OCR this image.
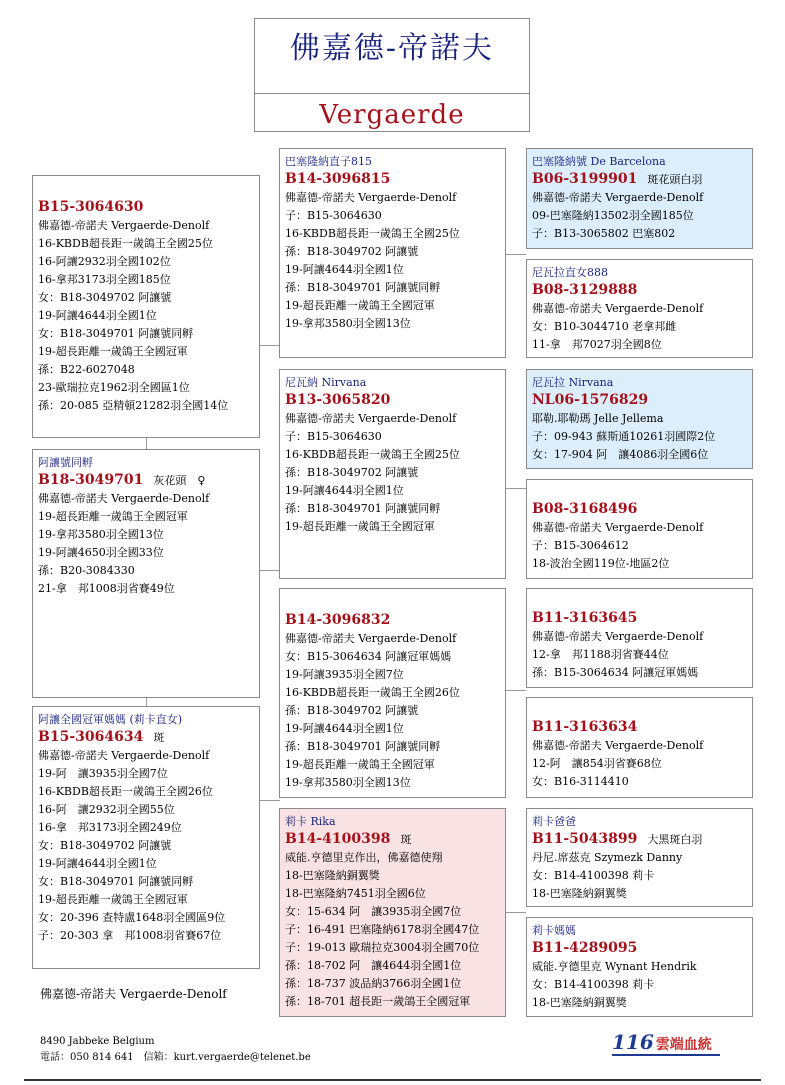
佛嘉德-帝諾夫
Vergaerde
B15-3064630
佛嘉德-帝諾夫 Vergaerde-Denolf
16-KBDB超長距一歲鴿王全國25位
16-阿讓2932羽全國102位
16-拿邦3173羽全國185位
女：B18-3049702 阿讓號
19-阿讓4644羽全國1位
女：B18-3049701 阿讓號同孵
19-超長距離一歲鴿王全國冠軍
孫：B22-6027048
23-歐瑞拉克1962羽全國區1位
孫：20-085 亞精頓21282羽全國14位
阿讓號同孵
B18-3049701 灰花頭　♀
佛嘉德-帝諾夫 Vergaerde-Denolf
19-超長距離一歲鴿王全國冠軍
19-拿邦3580羽全國13位
19-阿讓4650羽全國33位
孫：B20-3084330
21-拿　邦1008羽省賽49位
阿讓全國冠軍媽媽 (莉卡直女)
B15-3064634 斑
佛嘉德-帝諾夫 Vergaerde-Denolf
19-阿　讓3935羽全國7位
16-KBDB超長距一歲鴿王全國26位
16-阿　讓2932羽全國55位
16-拿　邦3173羽全國249位
女：B18-3049702 阿讓號
19-阿讓4644羽全國1位
女：B18-3049701 阿讓號同孵
19-超長距離一歲鴿王全國冠軍
女：20-396 查特盧1648羽全國區9位
子：20-303 拿　邦1008羽省賽67位
巴塞隆納直子815
B14-3096815
佛嘉德-帝諾夫 Vergaerde-Denolf
子：B15-3064630
16-KBDB超長距一歲鴿王全國25位
孫：B18-3049702 阿讓號
19-阿讓4644羽全國1位
孫：B18-3049701 阿讓號同孵
19-超長距離一歲鴿王全國冠軍
19-拿邦3580羽全國13位
尼瓦納 Nirvana
B13-3065820
佛嘉德-帝諾夫 Vergaerde-Denolf
子：B15-3064630
16-KBDB超長距一歲鴿王全國25位
孫：B18-3049702 阿讓號
19-阿讓4644羽全國1位
孫：B18-3049701 阿讓號同孵
19-超長距離一歲鴿王全國冠軍
B14-3096832
佛嘉德-帝諾夫 Vergaerde-Denolf
女：B15-3064634 阿讓冠軍媽媽
19-阿讓3935羽全國7位
16-KBDB超長距一歲鴿王全國26位
孫：B18-3049702 阿讓號
19-阿讓4644羽全國1位
孫：B18-3049701 阿讓號同孵
19-超長距離一歲鴿王全國冠軍
19-拿邦3580羽全國13位
莉卡 Rika
B14-4100398 斑
威能.亨德里克作出，佛嘉德使翔
18-巴塞隆納銅翼獎
18-巴塞隆納7451羽全國6位
女：15-634 阿　讓3935羽全國7位
子：16-491 巴塞隆納6178羽全國47位
子：19-013 歐瑞拉克3004羽全國70位
孫：18-702 阿　讓4644羽全國1位
孫：18-737 波品納3766羽全國1位
孫：18-701 超長距一歲鴿王全國冠軍
巴塞隆納號 De Barcelona
B06-3199901 斑花頭白羽
佛嘉德-帝諾夫 Vergaerde-Denolf
09-巴塞隆納13502羽全國185位
子：B13-3065802 巴塞802
尼瓦拉直女888
B08-3129888
佛嘉德-帝諾夫 Vergaerde-Denolf
女：B10-3044710 老拿邦雌
11-拿　邦7027羽全國8位
尼瓦拉 Nirvana
NL06-1576829
耶勒.耶勒瑪 Jelle Jellema
子：09-943 蘇斯通10261羽國際2位
女：17-904 阿　讓4086羽全國6位
B08-3168496
佛嘉德-帝諾夫 Vergaerde-Denolf
子：B15-3064612
18-波治全國119位-地區2位
B11-3163645
佛嘉德-帝諾夫 Vergaerde-Denolf
12-拿　邦1188羽省賽44位
孫：B15-3064634 阿讓冠軍媽媽
B11-3163634
佛嘉德-帝諾夫 Vergaerde-Denolf
12-阿　讓854羽省賽68位
女：B16-3114410
莉卡爸爸
B11-5043899 大黑斑白羽
丹尼.席茲克 Szymezk Danny
女：B14-4100398 莉卡
18-巴塞隆納銅翼獎
莉卡媽媽
B11-4289095
威能.亨德里克 Wynant Hendrik
女：B14-4100398 莉卡
18-巴塞隆納銅翼獎
佛嘉德-帝諾夫 Vergaerde-Denolf
8490 Jabbeke Belgium
電話：050 814 641　信箱：kurt.vergaerde@telenet.be
116 雲端血統
